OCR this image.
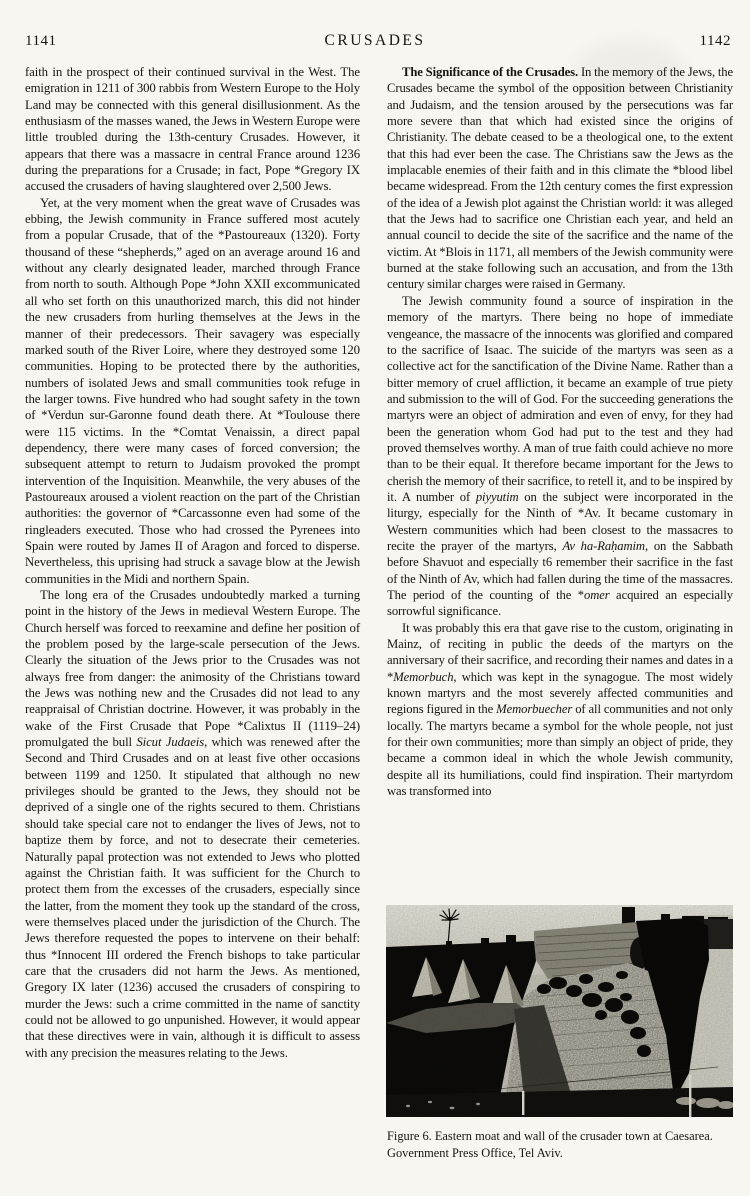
1141	CRUSADES	1142

faith in the prospect of their continued survival in the West. The emigration in 1211 of 300 rabbis from Western Europe to the Holy Land may be connected with this general disillusionment. As the enthusiasm of the masses waned, the Jews in Western Europe were little troubled during the 13th-century Crusades. However, it appears that there was a massacre in central France around 1236 during the preparations for a Crusade; in fact, Pope *Gregory IX accused the crusaders of having slaughtered over 2,500 Jews.

Yet, at the very moment when the great wave of Crusades was ebbing, the Jewish community in France suffered most acutely from a popular Crusade, that of the *Pastoureaux (1320). Forty thousand of these “shepherds,” aged on an average around 16 and without any clearly designated leader, marched through France from north to south. Although Pope *John XXII excommunicated all who set forth on this unauthorized march, this did not hinder the new crusaders from hurling themselves at the Jews in the manner of their predecessors. Their savagery was especially marked south of the River Loire, where they destroyed some 120 communities. Hoping to be protected there by the authorities, numbers of isolated Jews and small communities took refuge in the larger towns. Five hundred who had sought safety in the town of *Verdun sur-Garonne found death there. At *Toulouse there were 115 victims. In the *Comtat Venaissin, a direct papal dependency, there were many cases of forced conversion; the subsequent attempt to return to Judaism provoked the prompt intervention of the Inquisition. Meanwhile, the very abuses of the Pastoureaux aroused a violent reaction on the part of the Christian authorities: the governor of *Carcassonne even had some of the ringleaders executed. Those who had crossed the Pyrenees into Spain were routed by James II of Aragon and forced to disperse. Nevertheless, this uprising had struck a savage blow at the Jewish communities in the Midi and northern Spain.

The long era of the Crusades undoubtedly marked a turning point in the history of the Jews in medieval Western Europe. The Church herself was forced to reexamine and define her position of the problem posed by the large-scale persecution of the Jews. Clearly the situation of the Jews prior to the Crusades was not always free from danger: the animosity of the Christians toward the Jews was nothing new and the Crusades did not lead to any reappraisal of Christian doctrine. However, it was probably in the wake of the First Crusade that Pope *Calixtus II (1119–24) promulgated the bull Sicut Judaeis, which was renewed after the Second and Third Crusades and on at least five other occasions between 1199 and 1250. It stipulated that although no new privileges should be granted to the Jews, they should not be deprived of a single one of the rights secured to them. Christians should take special care not to endanger the lives of Jews, not to baptize them by force, and not to desecrate their cemeteries. Naturally papal protection was not extended to Jews who plotted against the Christian faith. It was sufficient for the Church to protect them from the excesses of the crusaders, especially since the latter, from the moment they took up the standard of the cross, were themselves placed under the jurisdiction of the Church. The Jews therefore requested the popes to intervene on their behalf: thus *Innocent III ordered the French bishops to take particular care that the crusaders did not harm the Jews. As mentioned, Gregory IX later (1236) accused the crusaders of conspiring to murder the Jews: such a crime committed in the name of sanctity could not be allowed to go unpunished. However, it would appear that these directives were in vain, although it is difficult to assess with any precision the measures relating to the Jews.

The Significance of the Crusades. In the memory of the Jews, the Crusades became the symbol of the opposition between Christianity and Judaism, and the tension aroused by the persecutions was far more severe than that which had existed since the origins of Christianity. The debate ceased to be a theological one, to the extent that this had ever been the case. The Christians saw the Jews as the implacable enemies of their faith and in this climate the *blood libel became widespread. From the 12th century comes the first expression of the idea of a Jewish plot against the Christian world: it was alleged that the Jews had to sacrifice one Christian each year, and held an annual council to decide the site of the sacrifice and the name of the victim. At *Blois in 1171, all members of the Jewish community were burned at the stake following such an accusation, and from the 13th century similar charges were raised in Germany.

The Jewish community found a source of inspiration in the memory of the martyrs. There being no hope of immediate vengeance, the massacre of the innocents was glorified and compared to the sacrifice of Isaac. The suicide of the martyrs was seen as a collective act for the sanctification of the Divine Name. Rather than a bitter memory of cruel affliction, it became an example of true piety and submission to the will of God. For the succeeding generations the martyrs were an object of admiration and even of envy, for they had been the generation whom God had put to the test and they had proved themselves worthy. A man of true faith could achieve no more than to be their equal. It therefore became important for the Jews to cherish the memory of their sacrifice, to retell it, and to be inspired by it. A number of piyyutim on the subject were incorporated in the liturgy, especially for the Ninth of *Av. It became customary in Western communities which had been closest to the massacres to recite the prayer of the martyrs, Av ha-Raḥamim, on the Sabbath before Shavuot and especially t6 remember their sacrifice in the fast of the Ninth of Av, which had fallen during the time of the massacres. The period of the counting of the *omer acquired an especially sorrowful significance.

It was probably this era that gave rise to the custom, originating in Mainz, of reciting in public the deeds of the martyrs on the anniversary of their sacrifice, and recording their names and dates in a *Memorbuch, which was kept in the synagogue. The most widely known martyrs and the most severely affected communities and regions figured in the Memorbuecher of all communities and not only locally. The martyrs became a symbol for the whole people, not just for their own communities; more than simply an object of pride, they became a common ideal in which the whole Jewish community, despite all its humiliations, could find inspiration. Their martyrdom was transformed into

Figure 6. Eastern moat and wall of the crusader town at Caesarea.

Government Press Office, Tel Aviv.
